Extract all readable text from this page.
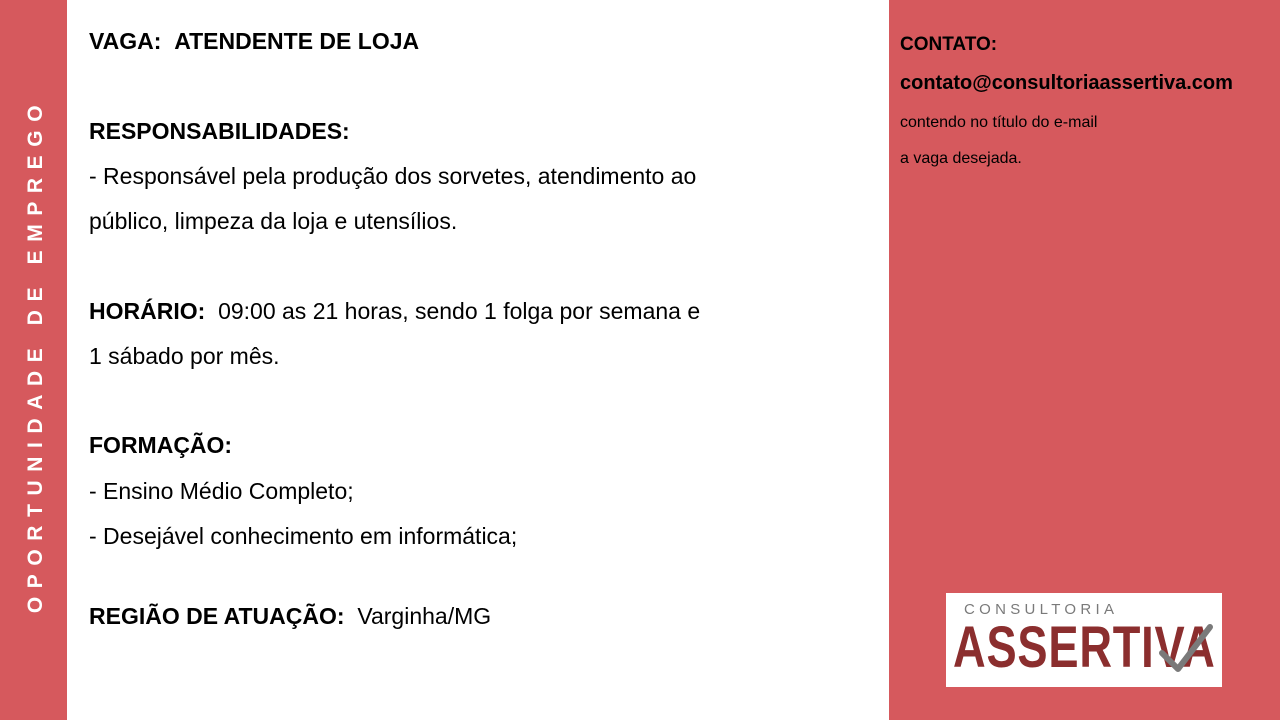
OPORTUNIDADE DE EMPREGO
VAGA: ATENDENTE DE LOJA
RESPONSABILIDADES:
- Responsável pela produção dos sorvetes, atendimento ao
público, limpeza da loja e utensílios.
HORÁRIO: 09:00 as 21 horas, sendo 1 folga por semana e
1 sábado por mês.
FORMAÇÃO:
- Ensino Médio Completo;
- Desejável conhecimento em informática;
REGIÃO DE ATUAÇÃO: Varginha/MG
CONTATO:
contato@consultoriaassertiva.com
contendo no título do e-mail
a vaga desejada.
CONSULTORIA
ASSERTIVA
